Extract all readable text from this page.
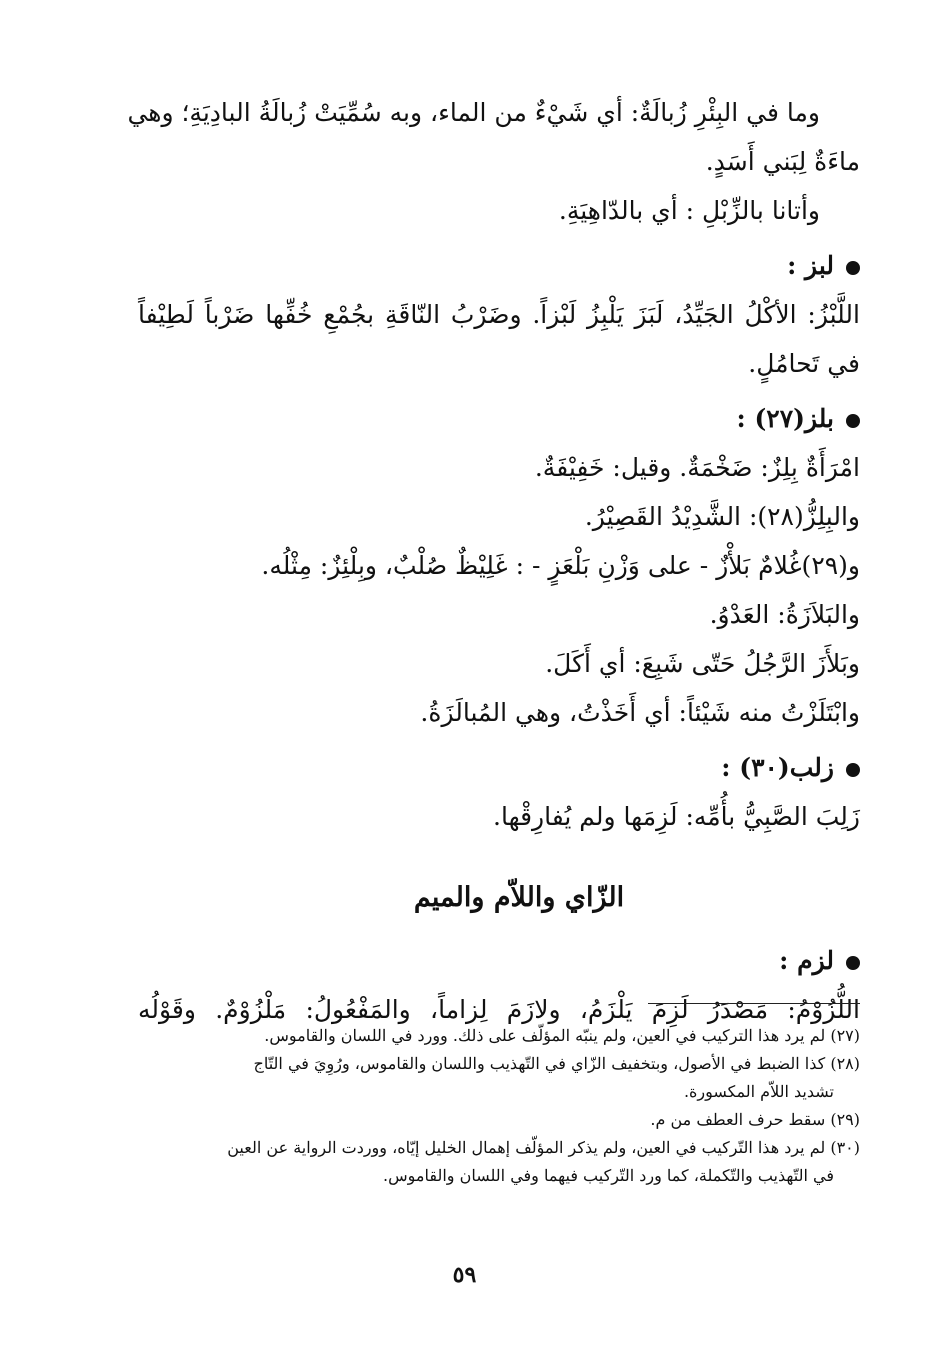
وما في البِئْرِ زُبالَةٌ: أي شَيْءٌ من الماء، وبه سُمِّيَتْ زُبالَةُ البادِيَةِ؛ وهي
ماءَةٌ لِبَني أَسَدٍ.
وأتانا بالزِّبْلِ : أي بالدّاهِيَةِ.
لبز :
اللَّبْزُ: الأكْلُ الجَيِّدُ، لَبَزَ يَلْبِزُ لَبْزاً. وضَرْبُ النّاقَةِ بجُمْعِ خُفِّها ضَرْباً لَطِيْفاً
في تَحامُلٍ.
بلز(٢٧) :
امْرَأَةٌ بِلِزٌ: ضَخْمَةٌ. وقيل: خَفِيْفَةٌ.
والبِلِزُّ(٢٨): الشَّدِيْدُ القَصِيْرُ.
و(٢٩)غُلامٌ بَلأْزٌ - على وَزْنِ بَلْعَزٍ - : غَلِيْظٌ صُلْبٌ، وبِلْئِزٌ: مِثْلُه.
والبَلاَزَةُ: العَدْوُ.
وبَلأَزَ الرَّجُلُ حَتّى شَبِعَ: أي أَكَلَ.
وابْتَلَزْتُ منه شَيْئاً: أي أَخَذْتُ، وهي المُبالَزَةُ.
زلب(٣٠) :
زَلِبَ الصَّبِيُّ بأُمِّه: لَزِمَها ولم يُفارِقْها.
الزّاي واللاّم والميم
لزم :
اللُّزُوْمُ: مَصْدَرُ لَزِمَ يَلْزَمُ، ولازَمَ لِزاماً، والمَفْعُولُ: مَلْزُوْمٌ. وقَوْلُه
(٢٧) لم يرد هذا التركيب في العين، ولم ينبّه المؤلّف على ذلك. وورد في اللسان والقاموس.
(٢٨) كذا الضبط في الأصول، وبتخفيف الزّاي في التّهذيب واللسان والقاموس، ورُوِيَ في التّاج
تشديد اللاّم المكسورة.
(٢٩) سقط حرف العطف من م.
(٣٠) لم يرد هذا التّركيب في العين، ولم يذكر المؤلّف إهمال الخليل إيّاه، ووردت الرواية عن العين
في التّهذيب والتّكملة، كما ورد التّركيب فيهما وفي اللسان والقاموس.
٥٩
